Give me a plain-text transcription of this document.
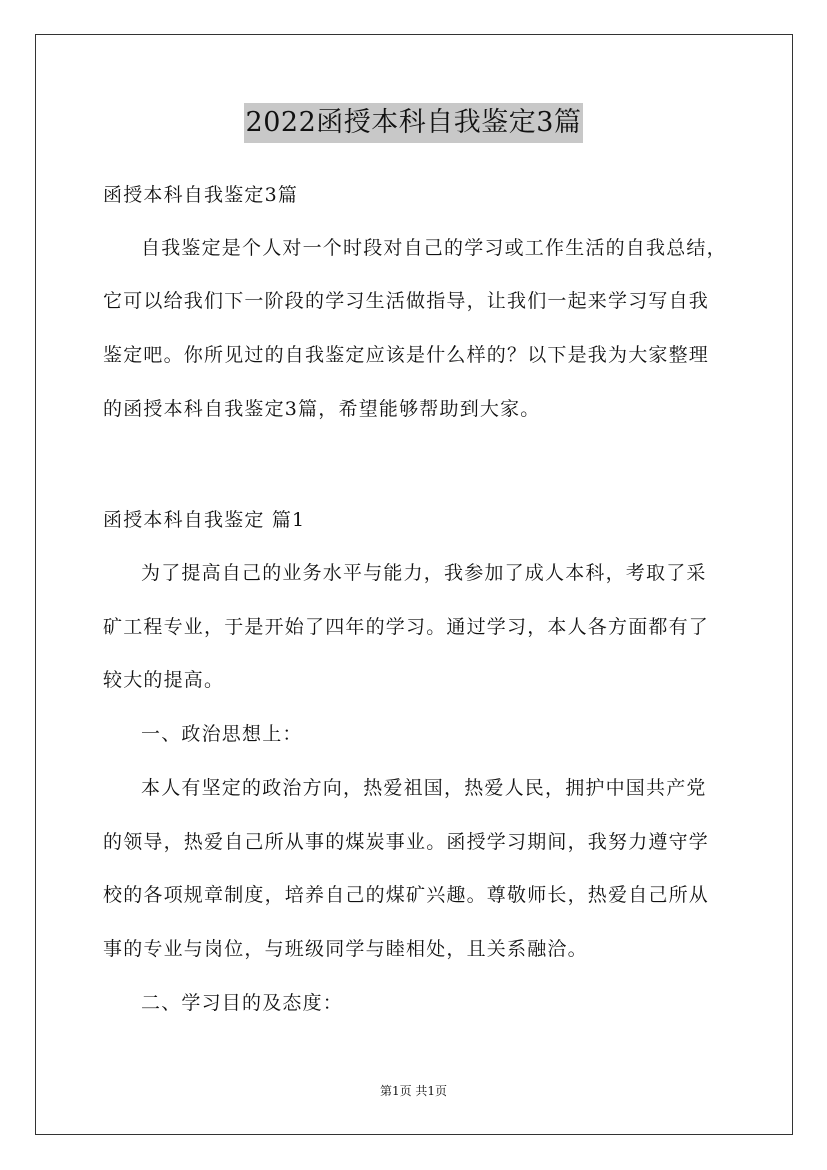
2022函授本科自我鉴定3篇
函授本科自我鉴定3篇
自我鉴定是个人对一个时段对自己的学习或工作生活的自我总结，
它可以给我们下一阶段的学习生活做指导，让我们一起来学习写自我
鉴定吧。你所见过的自我鉴定应该是什么样的？以下是我为大家整理
的函授本科自我鉴定3篇，希望能够帮助到大家。
函授本科自我鉴定 篇1
为了提高自己的业务水平与能力，我参加了成人本科，考取了采
矿工程专业，于是开始了四年的学习。通过学习，本人各方面都有了
较大的提高。
一、政治思想上：
本人有坚定的政治方向，热爱祖国，热爱人民，拥护中国共产党
的领导，热爱自己所从事的煤炭事业。函授学习期间，我努力遵守学
校的各项规章制度，培养自己的煤矿兴趣。尊敬师长，热爱自己所从
事的专业与岗位，与班级同学与睦相处，且关系融洽。
二、学习目的及态度：
第1页 共1页
